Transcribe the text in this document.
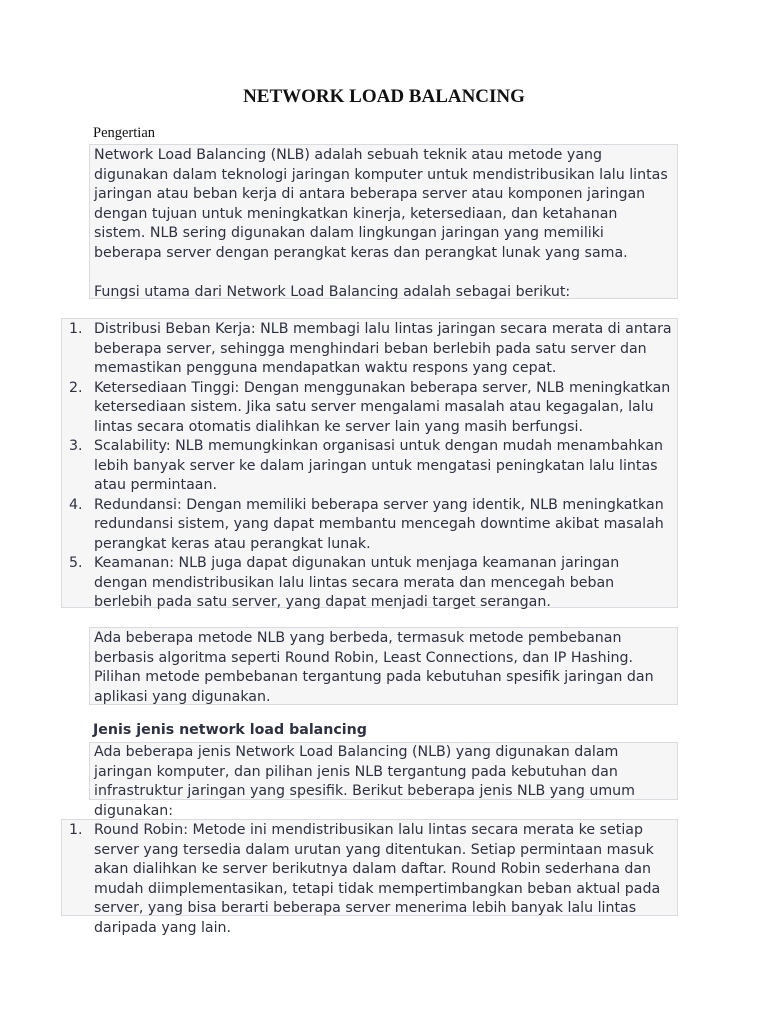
NETWORK LOAD BALANCING
Pengertian

Network Load Balancing (NLB) adalah sebuah teknik atau metode yang digunakan dalam teknologi jaringan komputer untuk mendistribusikan lalu lintas jaringan atau beban kerja di antara beberapa server atau komponen jaringan dengan tujuan untuk meningkatkan kinerja, ketersediaan, dan ketahanan sistem. NLB sering digunakan dalam lingkungan jaringan yang memiliki beberapa server dengan perangkat keras dan perangkat lunak yang sama.

Fungsi utama dari Network Load Balancing adalah sebagai berikut:

1. Distribusi Beban Kerja: NLB membagi lalu lintas jaringan secara merata di antara beberapa server, sehingga menghindari beban berlebih pada satu server dan memastikan pengguna mendapatkan waktu respons yang cepat.
2. Ketersediaan Tinggi: Dengan menggunakan beberapa server, NLB meningkatkan ketersediaan sistem. Jika satu server mengalami masalah atau kegagalan, lalu lintas secara otomatis dialihkan ke server lain yang masih berfungsi.
3. Scalability: NLB memungkinkan organisasi untuk dengan mudah menambahkan lebih banyak server ke dalam jaringan untuk mengatasi peningkatan lalu lintas atau permintaan.
4. Redundansi: Dengan memiliki beberapa server yang identik, NLB meningkatkan redundansi sistem, yang dapat membantu mencegah downtime akibat masalah perangkat keras atau perangkat lunak.
5. Keamanan: NLB juga dapat digunakan untuk menjaga keamanan jaringan dengan mendistribusikan lalu lintas secara merata dan mencegah beban berlebih pada satu server, yang dapat menjadi target serangan.

Ada beberapa metode NLB yang berbeda, termasuk metode pembebanan berbasis algoritma seperti Round Robin, Least Connections, dan IP Hashing. Pilihan metode pembebanan tergantung pada kebutuhan spesifik jaringan dan aplikasi yang digunakan.

Jenis jenis network load balancing

Ada beberapa jenis Network Load Balancing (NLB) yang digunakan dalam jaringan komputer, dan pilihan jenis NLB tergantung pada kebutuhan dan infrastruktur jaringan yang spesifik. Berikut beberapa jenis NLB yang umum digunakan:

1. Round Robin: Metode ini mendistribusikan lalu lintas secara merata ke setiap server yang tersedia dalam urutan yang ditentukan. Setiap permintaan masuk akan dialihkan ke server berikutnya dalam daftar. Round Robin sederhana dan mudah diimplementasikan, tetapi tidak mempertimbangkan beban aktual pada server, yang bisa berarti beberapa server menerima lebih banyak lalu lintas daripada yang lain.
